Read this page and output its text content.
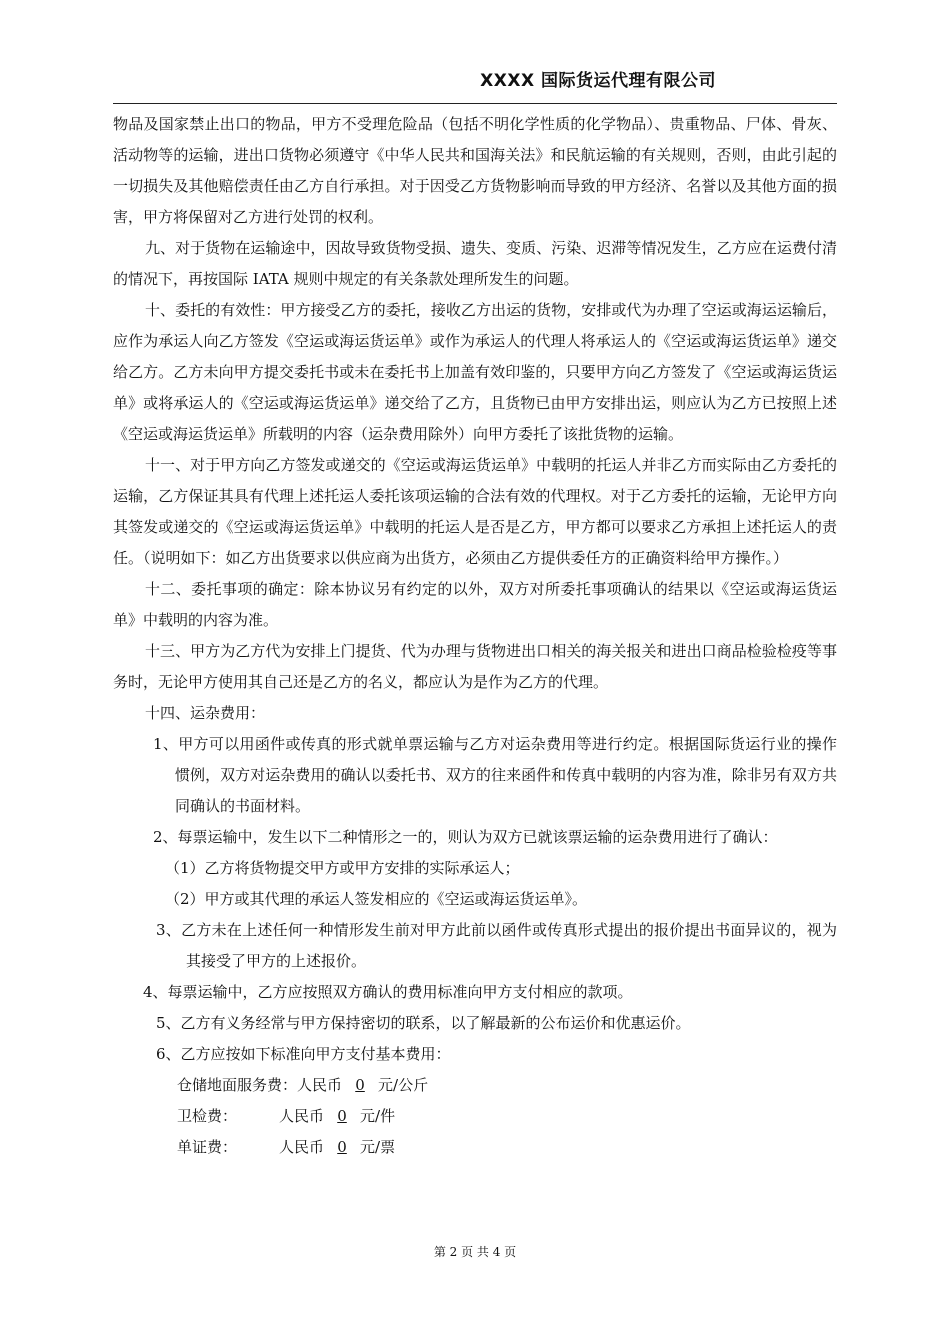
XXXX 国际货运代理有限公司

物品及国家禁止出口的物品，甲方不受理危险品（包括不明化学性质的化学物品）、贵重物品、尸体、骨灰、活动物等的运输，进出口货物必须遵守《中华人民共和国海关法》和民航运输的有关规则，否则，由此引起的一切损失及其他赔偿责任由乙方自行承担。对于因受乙方货物影响而导致的甲方经济、名誉以及其他方面的损害，甲方将保留对乙方进行处罚的权利。

九、对于货物在运输途中，因故导致货物受损、遗失、变质、污染、迟滞等情况发生，乙方应在运费付清的情况下，再按国际 IATA 规则中规定的有关条款处理所发生的问题。

十、委托的有效性：甲方接受乙方的委托，接收乙方出运的货物，安排或代为办理了空运或海运运输后，应作为承运人向乙方签发《空运或海运货运单》或作为承运人的代理人将承运人的《空运或海运货运单》递交给乙方。乙方未向甲方提交委托书或未在委托书上加盖有效印鉴的，只要甲方向乙方签发了《空运或海运货运单》或将承运人的《空运或海运货运单》递交给了乙方，且货物已由甲方安排出运，则应认为乙方已按照上述《空运或海运货运单》所载明的内容（运杂费用除外）向甲方委托了该批货物的运输。

十一、对于甲方向乙方签发或递交的《空运或海运货运单》中载明的托运人并非乙方而实际由乙方委托的运输，乙方保证其具有代理上述托运人委托该项运输的合法有效的代理权。对于乙方委托的运输，无论甲方向其签发或递交的《空运或海运货运单》中载明的托运人是否是乙方，甲方都可以要求乙方承担上述托运人的责任。（说明如下：如乙方出货要求以供应商为出货方，必须由乙方提供委任方的正确资料给甲方操作。）

十二、委托事项的确定：除本协议另有约定的以外，双方对所委托事项确认的结果以《空运或海运货运单》中载明的内容为准。

十三、甲方为乙方代为安排上门提货、代为办理与货物进出口相关的海关报关和进出口商品检验检疫等事务时，无论甲方使用其自己还是乙方的名义，都应认为是作为乙方的代理。

十四、运杂费用：

1、甲方可以用函件或传真的形式就单票运输与乙方对运杂费用等进行约定。根据国际货运行业的操作惯例，双方对运杂费用的确认以委托书、双方的往来函件和传真中载明的内容为准，除非另有双方共同确认的书面材料。

2、每票运输中，发生以下二种情形之一的，则认为双方已就该票运输的运杂费用进行了确认：

（1）乙方将货物提交甲方或甲方安排的实际承运人；

（2）甲方或其代理的承运人签发相应的《空运或海运货运单》。

3、乙方未在上述任何一种情形发生前对甲方此前以函件或传真形式提出的报价提出书面异议的，视为其接受了甲方的上述报价。

4、每票运输中，乙方应按照双方确认的费用标准向甲方支付相应的款项。

5、乙方有义务经常与甲方保持密切的联系，以了解最新的公布运价和优惠运价。

6、乙方应按如下标准向甲方支付基本费用：

仓储地面服务费：人民币 0 元/公斤

卫检费：	人民币 0 元/件

单证费：	人民币 0 元/票

第 2 页 共 4 页
